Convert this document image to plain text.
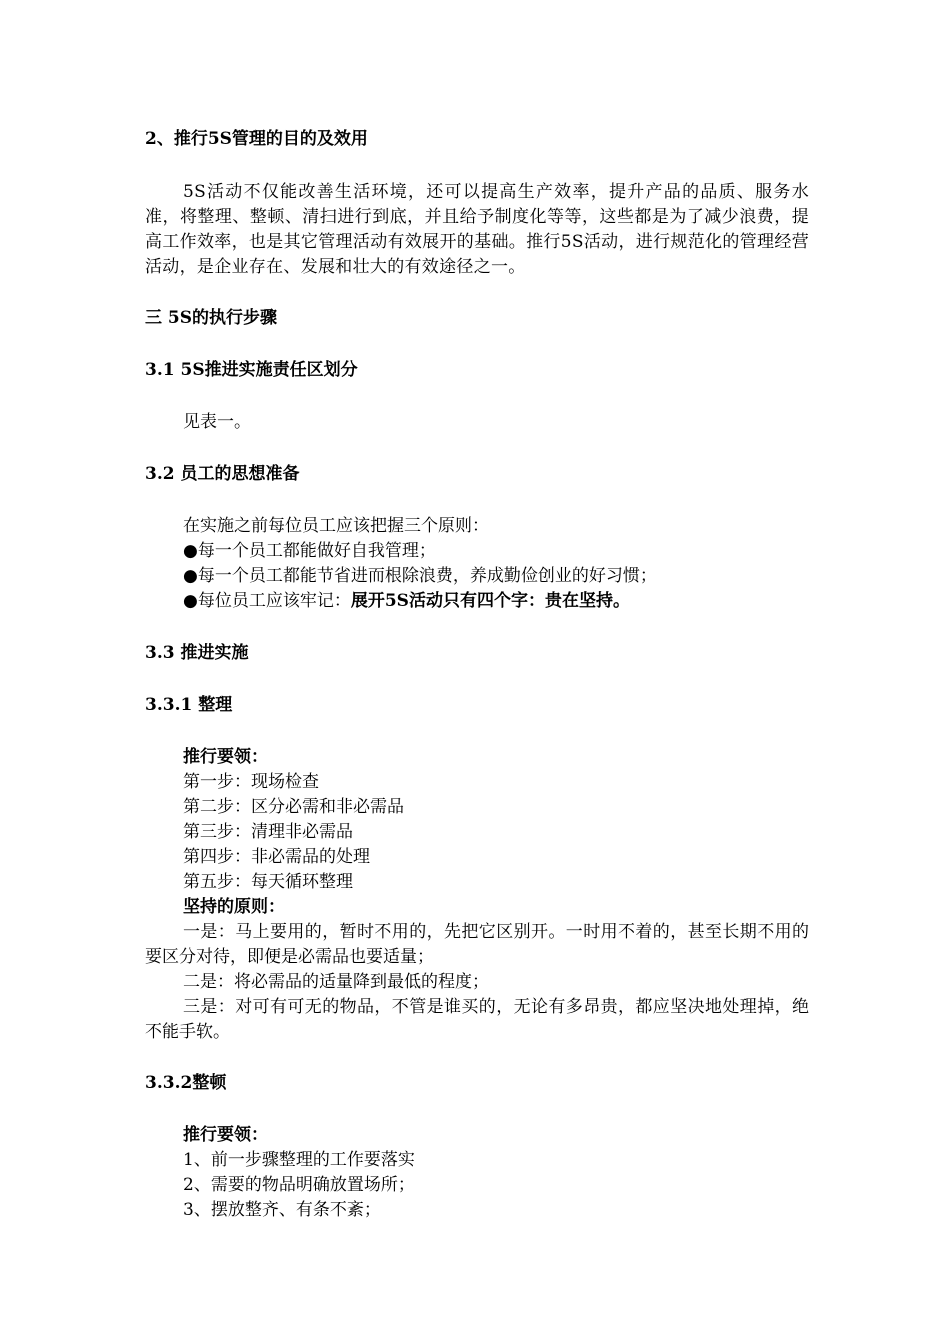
2、推行5S管理的目的及效用

5S活动不仅能改善生活环境，还可以提高生产效率，提升产品的品质、服务水准，将整理、整顿、清扫进行到底，并且给予制度化等等，这些都是为了减少浪费，提高工作效率，也是其它管理活动有效展开的基础。推行5S活动，进行规范化的管理经营活动，是企业存在、发展和壮大的有效途径之一。

三 5S的执行步骤

3.1 5S推进实施责任区划分

见表一。

3.2 员工的思想准备

在实施之前每位员工应该把握三个原则：

●每一个员工都能做好自我管理；

●每一个员工都能节省进而根除浪费，养成勤俭创业的好习惯；

●每位员工应该牢记：展开5S活动只有四个字：贵在坚持。

3.3 推进实施

3.3.1 整理

推行要领：

第一步：现场检查

第二步：区分必需和非必需品

第三步：清理非必需品

第四步：非必需品的处理

第五步：每天循环整理

坚持的原则：

一是：马上要用的，暂时不用的，先把它区别开。一时用不着的，甚至长期不用的要区分对待，即便是必需品也要适量；

二是：将必需品的适量降到最低的程度；

三是：对可有可无的物品，不管是谁买的，无论有多昂贵，都应坚决地处理掉，绝不能手软。

3.3.2整顿

推行要领：

1、前一步骤整理的工作要落实

2、需要的物品明确放置场所；

3、摆放整齐、有条不紊；
